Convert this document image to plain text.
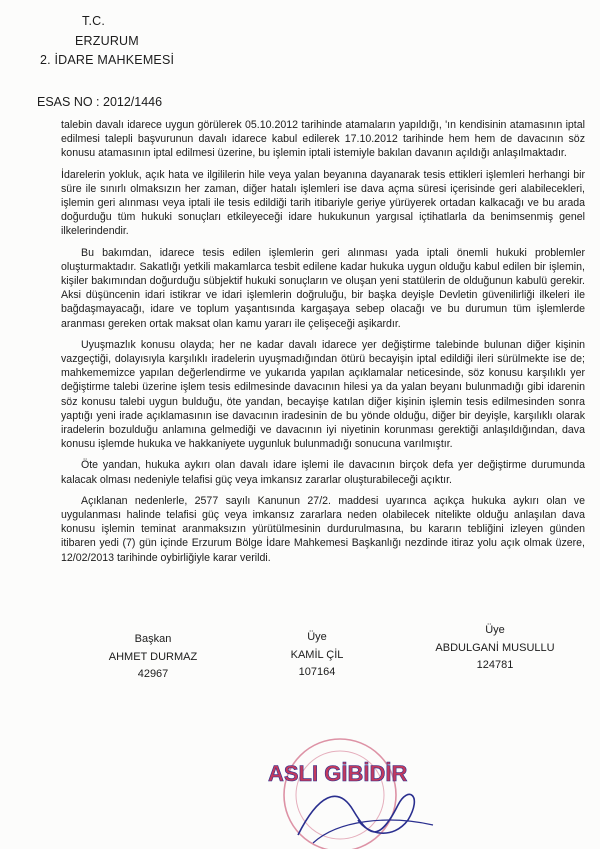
T.C.
ERZURUM
2. İDARE MAHKEMESİ
ESAS NO : 2012/1446

talebin davalı idarece uygun görülerek 05.10.2012 tarihinde atamaların yapıldığı, 'ın kendisinin atamasının iptal edilmesi talepli başvurunun davalı idarece kabul edilerek 17.10.2012 tarihinde hem hem de davacının söz konusu atamasının iptal edilmesi üzerine, bu işlemin iptali istemiyle bakılan davanın açıldığı anlaşılmaktadır.

İdarelerin yokluk, açık hata ve ilgililerin hile veya yalan beyanına dayanarak tesis ettikleri işlemleri herhangi bir süre ile sınırlı olmaksızın her zaman, diğer hatalı işlemleri ise dava açma süresi içerisinde geri alabilecekleri, işlemin geri alınması veya iptali ile tesis edildiği tarih itibariyle geriye yürüyerek ortadan kalkacağı ve bu arada doğurduğu tüm hukuki sonuçları etkileyeceği idare hukukunun yargısal içtihatlarla da benimsenmiş genel ilkelerindendir.

Bu bakımdan, idarece tesis edilen işlemlerin geri alınması yada iptali önemli hukuki problemler oluşturmaktadır. Sakatlığı yetkili makamlarca tesbit edilene kadar hukuka uygun olduğu kabul edilen bir işlemin, kişiler bakımından doğurduğu sübjektif hukuki sonuçların ve oluşan yeni statülerin de olduğunun kabulü gerekir. Aksi düşüncenin idari istikrar ve idari işlemlerin doğruluğu, bir başka deyişle Devletin güvenilirliği ilkeleri ile bağdaşmayacağı, idare ve toplum yaşantısında kargaşaya sebep olacağı ve bu durumun tüm işlemlerde aranması gereken ortak maksat olan kamu yararı ile çelişeceği aşikardır.

Uyuşmazlık konusu olayda; her ne kadar davalı idarece yer değiştirme talebinde bulunan diğer kişinin vazgeçtiği, dolayısıyla karşılıklı iradelerin uyuşmadığından ötürü becayişin iptal edildiği ileri sürülmekte ise de; mahkememizce yapılan değerlendirme ve yukarıda yapılan açıklamalar neticesinde, söz konusu karşılıklı yer değiştirme talebi üzerine işlem tesis edilmesinde davacının hilesi ya da yalan beyanı bulunmadığı gibi idarenin söz konusu talebi uygun bulduğu, öte yandan, becayişe katılan diğer kişinin işlemin tesis edilmesinden sonra yaptığı yeni irade açıklamasının ise davacının iradesinin de bu yönde olduğu, diğer bir deyişle, karşılıklı olarak iradelerin bozulduğu anlamına gelmediği ve davacının iyi niyetinin korunması gerektiği anlaşıldığından, dava konusu işlemde hukuka ve hakkaniyete uygunluk bulunmadığı sonucuna varılmıştır.

Öte yandan, hukuka aykırı olan davalı idare işlemi ile davacının birçok defa yer değiştirme durumunda kalacak olması nedeniyle telafisi güç veya imkansız zararlar oluşturabileceği açıktır.

Açıklanan nedenlerle, 2577 sayılı Kanunun 27/2. maddesi uyarınca açıkça hukuka aykırı olan ve uygulanması halinde telafisi güç veya imkansız zararlara neden olabilecek nitelikte olduğu anlaşılan dava konusu işlemin teminat aranmaksızın yürütülmesinin durdurulmasına, bu kararın tebliğini izleyen günden itibaren yedi (7) gün içinde Erzurum Bölge İdare Mahkemesi Başkanlığı nezdinde itiraz yolu açık olmak üzere, 12/02/2013 tarihinde oybirliğiyle karar verildi.

Başkan
AHMET DURMAZ
42967
Üye
KAMİL ÇİL
107164
Üye
ABDULGANİ MUSULLU
124781
ASLI GİBİDİR
